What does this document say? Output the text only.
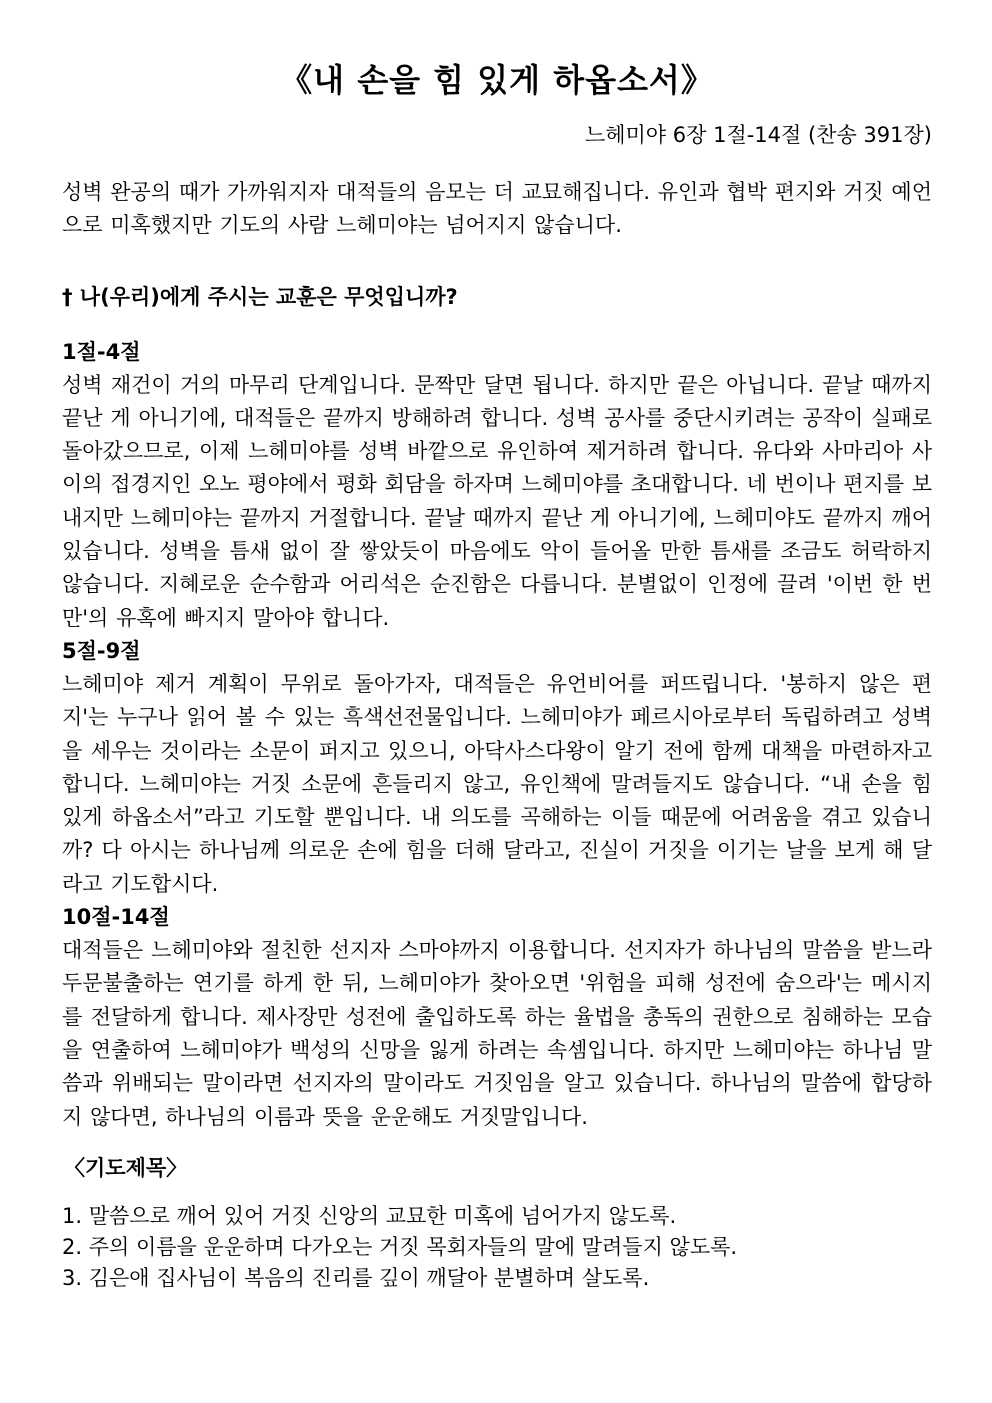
《내 손을 힘 있게 하옵소서》
느헤미야 6장 1절-14절 (찬송 391장)

성벽 완공의 때가 가까워지자 대적들의 음모는 더 교묘해집니다. 유인과 협박 편지와 거짓 예언으로 미혹했지만 기도의 사람 느헤미야는 넘어지지 않습니다.

† 나(우리)에게 주시는 교훈은 무엇입니까?
1절-4절

성벽 재건이 거의 마무리 단계입니다. 문짝만 달면 됩니다. 하지만 끝은 아닙니다. 끝날 때까지 끝난 게 아니기에, 대적들은 끝까지 방해하려 합니다. 성벽 공사를 중단시키려는 공작이 실패로 돌아갔으므로, 이제 느헤미야를 성벽 바깥으로 유인하여 제거하려 합니다. 유다와 사마리아 사이의 접경지인 오노 평야에서 평화 회담을 하자며 느헤미야를 초대합니다. 네 번이나 편지를 보내지만 느헤미야는 끝까지 거절합니다. 끝날 때까지 끝난 게 아니기에, 느헤미야도 끝까지 깨어 있습니다. 성벽을 틈새 없이 잘 쌓았듯이 마음에도 악이 들어올 만한 틈새를 조금도 허락하지 않습니다. 지혜로운 순수함과 어리석은 순진함은 다릅니다. 분별없이 인정에 끌려 '이번 한 번만'의 유혹에 빠지지 말아야 합니다.

5절-9절

느헤미야 제거 계획이 무위로 돌아가자, 대적들은 유언비어를 퍼뜨립니다. '봉하지 않은 편지'는 누구나 읽어 볼 수 있는 흑색선전물입니다. 느헤미야가 페르시아로부터 독립하려고 성벽을 세우는 것이라는 소문이 퍼지고 있으니, 아닥사스다왕이 알기 전에 함께 대책을 마련하자고 합니다. 느헤미야는 거짓 소문에 흔들리지 않고, 유인책에 말려들지도 않습니다. “내 손을 힘 있게 하옵소서”라고 기도할 뿐입니다. 내 의도를 곡해하는 이들 때문에 어려움을 겪고 있습니까? 다 아시는 하나님께 의로운 손에 힘을 더해 달라고, 진실이 거짓을 이기는 날을 보게 해 달라고 기도합시다.

10절-14절

대적들은 느헤미야와 절친한 선지자 스마야까지 이용합니다. 선지자가 하나님의 말씀을 받느라 두문불출하는 연기를 하게 한 뒤, 느헤미야가 찾아오면 '위험을 피해 성전에 숨으라'는 메시지를 전달하게 합니다. 제사장만 성전에 출입하도록 하는 율법을 총독의 권한으로 침해하는 모습을 연출하여 느헤미야가 백성의 신망을 잃게 하려는 속셈입니다. 하지만 느헤미야는 하나님 말씀과 위배되는 말이라면 선지자의 말이라도 거짓임을 알고 있습니다. 하나님의 말씀에 합당하지 않다면, 하나님의 이름과 뜻을 운운해도 거짓말입니다.

〈기도제목〉
1. 말씀으로 깨어 있어 거짓 신앙의 교묘한 미혹에 넘어가지 않도록.
2. 주의 이름을 운운하며 다가오는 거짓 목회자들의 말에 말려들지 않도록.
3. 김은애 집사님이 복음의 진리를 깊이 깨달아 분별하며 살도록.
